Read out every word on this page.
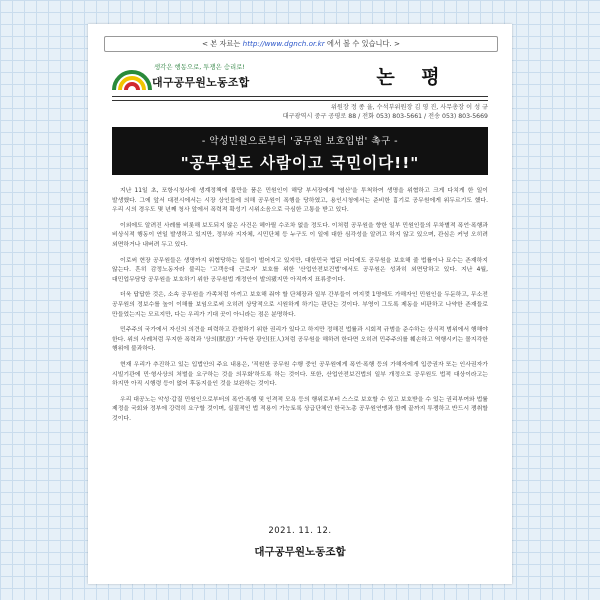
< 본 자료는 http://www.dgnch.or.kr 에서 볼 수 있습니다. >
생각은 행동으로, 투쟁은 승리로!
대구공무원노동조합	논 평
위원장 정 종 율, 수석부위원장 김 영 진, 사무총장 이 성 규
대구광역시 중구 공평로 88 / 전화 053) 803-5661 / 전송 053) 803-5669
- 악성민원으로부터 '공무원 보호입법' 촉구 -
"공무원도 사람이고 국민이다!!"

지난 11일 초, 포항시청사에 생계정책에 불만을 품은 민원인이 해당 부서장에게 '염산'을 투척하여 생명을 위협하고 크게 다치게 한 일이 발생했다. 그에 앞서 대전시에서는 시장 상인들에 의해 공무원이 폭행을 당하였고, 용인시청에서는 준비한 흉기로 공무원에게 위두르기도 했다. 우리 시의 경우도 몇 년째 청사 앞에서 폭력적 확성기 시위소음으로 극심한 고통을 받고 있다.

이외에도 알려진 사례를 비롯해 보도되지 않은 사건은 헤아릴 수조차 없을 정도다. 이처럼 공무원을 향한 일부 민원인들의 무차별적 폭언·폭행과 비상식적 행동이 연일 발생하고 있지만, 정부와 지자체, 시민단체 등 누구도 이 일에 대한 심각성을 알려고 하지 않고 있으며, 관심은 커녕 오히려 외면하거나 내버려 두고 있다.

이로써 현장 공무원들은 생명까지 위협당하는 일들이 벌어지고 있지만, 대한민국 법된 어디에도 공무원을 보호해 줄 법률이나 묘수는 존재하지 않는다. 흔히 감정노동자라 불리는 '고객응대 근로자' 보호를 위한 '산업안전보건법'에서도 공무원은 성과히 외면당하고 있다. 지난 4월, 대민업무담당 공무원을 보호하기 위한 공무원법 개정안이 발의됐지만 아직까지 표류중이다.

더욱 답답한 것은, 소속 공무원을 가족처럼 아끼고 보호해 줘야 할 단체장과 일부 간부들이 여지껏 1명에도 가해자인 민원인을 두둔하고, 무소전 공무원의 정보수를 높이 이해를 보임으로써 오히려 상당적으로 시원하게 하기는 판단는 것이다. 부영이 그도록 제동을 비판하고 나약한 존재들로 만들었는지는 모르지만, 다는 우리가 기대 곳이 아니라는 점은 분명하다.

민주주의 국가에서 자신의 의견을 피력하고 관철하기 위한 권리가 있다고 하지만 정해진 법률과 시회적 규범을 준수하는 상식적 범위에서 행해야 한다. 위의 사례처럼 무지한 폭력과 '상의(獸意)' 가득한 광인(狂人)처럼 공무원을 해하려 한다면 오히려 민주주의를 훼손하고 역행시키는 몰지각한 행위에 불과하다.

현재 우리가 추진하고 있는 입법안의 주요 내용은, '직원한 공무원 수행 중인 공무원에게 폭언·폭행 등의 가해자에게 입증권자 또는 인사권자가 시빌기관에 민·형사상의 처벌을 요구하는 것을 의무화'하도록 하는 것이다. 또한, 산업안전보건법의 일부 개정으로 공무원도 법적 대상이라고는 하지만 아직 시행령 등이 없어 후동지을인 것을 보완하는 것이다.

우리 대공노는 악성·갑질 민원인으로부터의 폭언·폭행 및 인격적 모욕 등의 행위로부터 스스로 보호할 수 있고 보호받을 수 있는 권리부여와 법률 제정을 국회와 정부에 강력히 요구할 것이며, 실질적인 법 적용이 가능토록 상급단체인 한국노총 공무원연맹과 함께 끝까지 투쟁하고 반드시 쟁취할 것이다.

2021. 11. 12.
대구공무원노동조합
